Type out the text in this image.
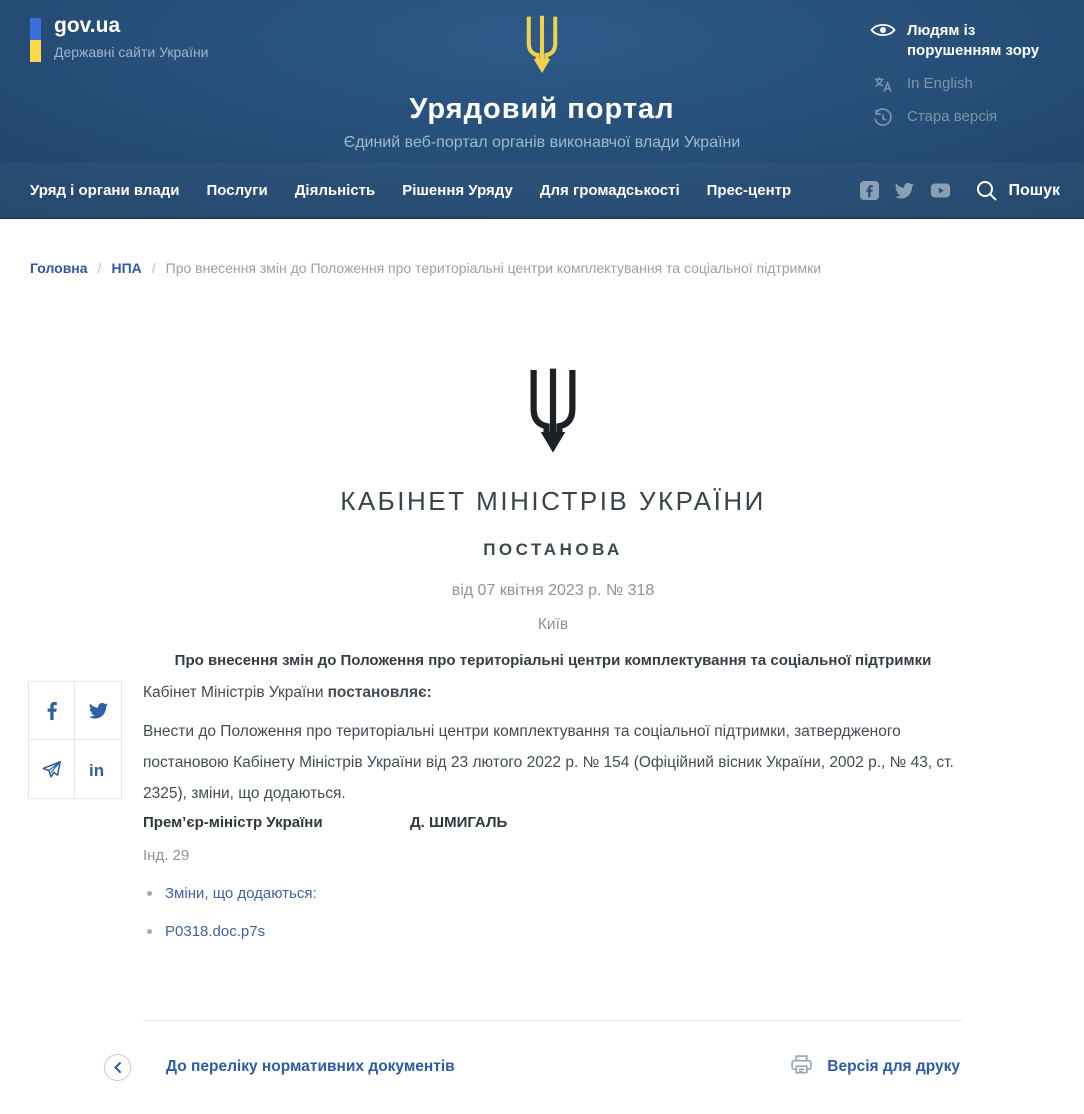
gov.ua
Державні сайти України
Урядовий портал
Єдиний веб-портал органів виконавчої влади України
Людям із порушенням зору
In English
Стара версія
Уряд і органи влади Послуги Діяльність Рішення Уряду Для громадськості Прес-центр	Пошук
Головна / НПА / Про внесення змін до Положення про територіальні центри комплектування та соціальної підтримки
КАБІНЕТ МІНІСТРІВ УКРАЇНИ
ПОСТАНОВА
від 07 квітня 2023 р. № 318
Київ
Про внесення змін до Положення про територіальні центри комплектування та соціальної підтримки

Кабінет Міністрів України постановляє:

Внести до Положення про територіальні центри комплектування та соціальної підтримки, затвердженого постановою Кабінету Міністрів України від 23 лютого 2022 р. № 154 (Офіційний вісник України, 2002 р., № 43, ст. 2325), зміни, що додаються.

Прем’єр-міністр України	Д. ШМИГАЛЬ
Інд. 29
Зміни, що додаються:
P0318.doc.p7s
in
До переліку нормативних документів	Версія для друку
